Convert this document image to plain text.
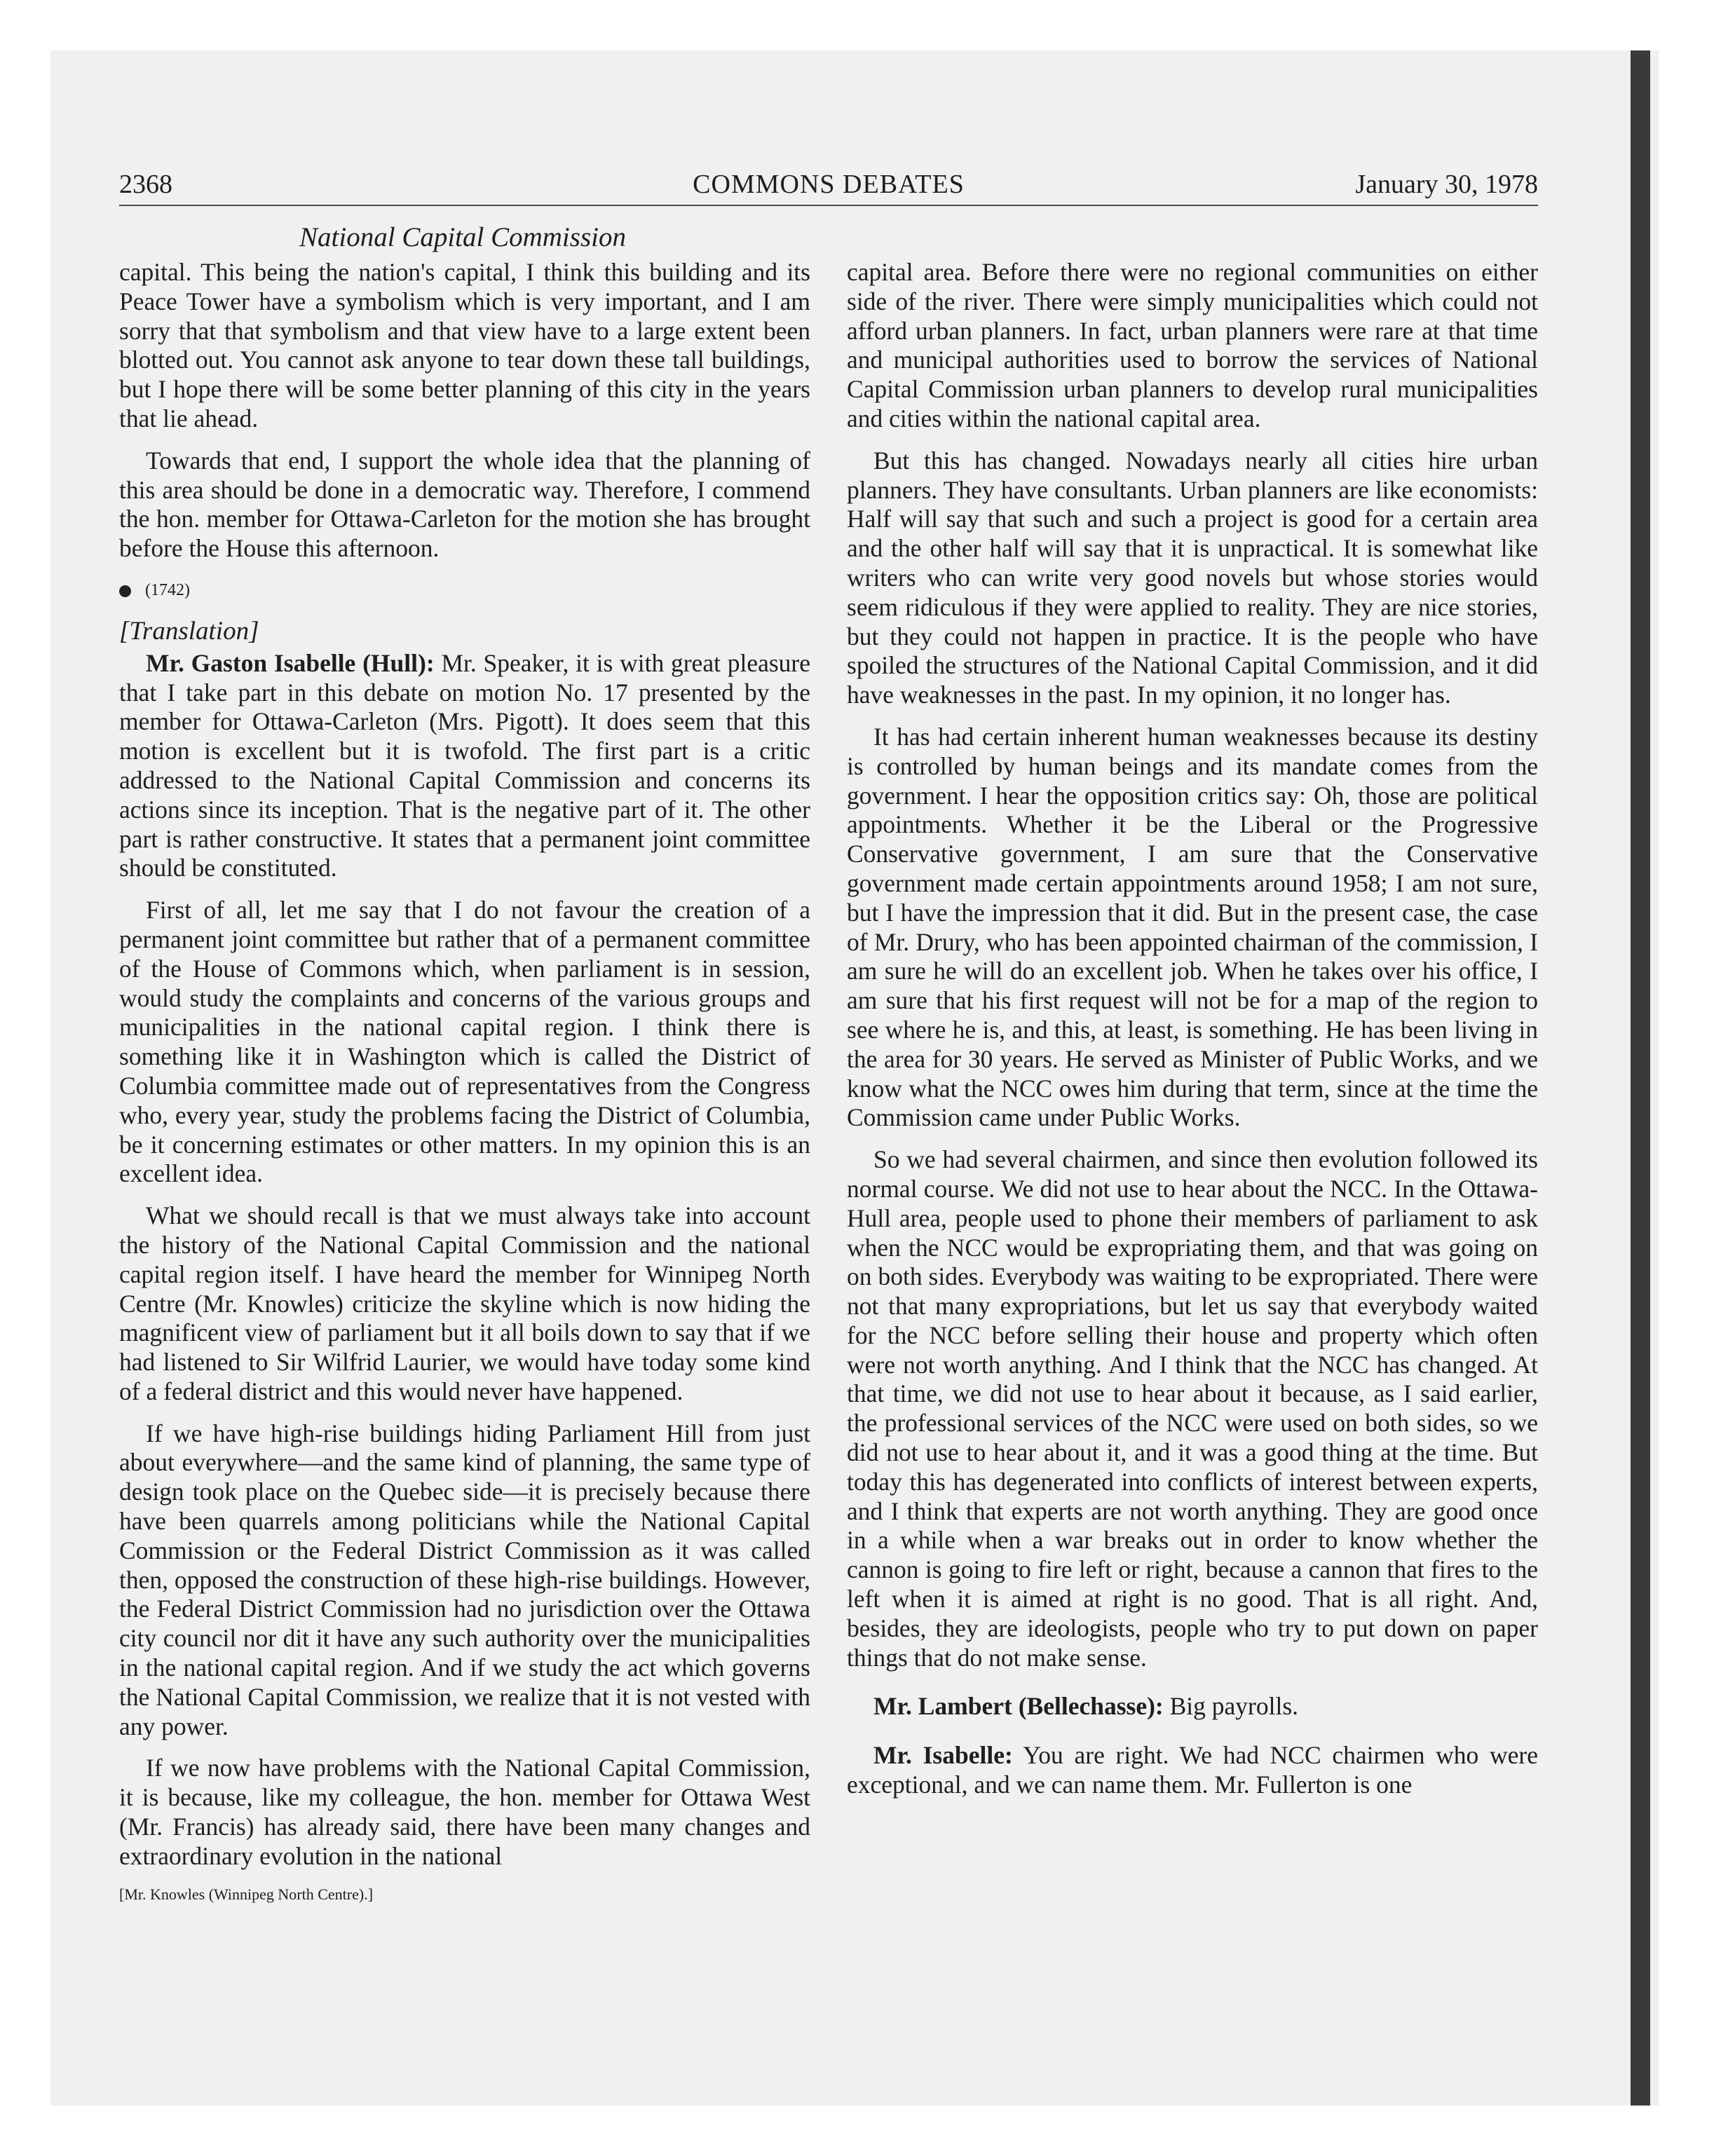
2368	COMMONS DEBATES	January 30, 1978
National Capital Commission

capital. This being the nation's capital, I think this building and its Peace Tower have a symbolism which is very important, and I am sorry that that symbolism and that view have to a large extent been blotted out. You cannot ask anyone to tear down these tall buildings, but I hope there will be some better planning of this city in the years that lie ahead.

Towards that end, I support the whole idea that the planning of this area should be done in a democratic way. Therefore, I commend the hon. member for Ottawa-Carleton for the motion she has brought before the House this afternoon.

(1742)
[Translation]

Mr. Gaston Isabelle (Hull): Mr. Speaker, it is with great pleasure that I take part in this debate on motion No. 17 presented by the member for Ottawa-Carleton (Mrs. Pigott). It does seem that this motion is excellent but it is twofold. The first part is a critic addressed to the National Capital Commission and concerns its actions since its inception. That is the negative part of it. The other part is rather constructive. It states that a permanent joint committee should be constituted.

First of all, let me say that I do not favour the creation of a permanent joint committee but rather that of a permanent committee of the House of Commons which, when parliament is in session, would study the complaints and concerns of the various groups and municipalities in the national capital region. I think there is something like it in Washington which is called the District of Columbia committee made out of representatives from the Congress who, every year, study the problems facing the District of Columbia, be it concerning estimates or other matters. In my opinion this is an excellent idea.

What we should recall is that we must always take into account the history of the National Capital Commission and the national capital region itself. I have heard the member for Winnipeg North Centre (Mr. Knowles) criticize the skyline which is now hiding the magnificent view of parliament but it all boils down to say that if we had listened to Sir Wilfrid Laurier, we would have today some kind of a federal district and this would never have happened.

If we have high-rise buildings hiding Parliament Hill from just about everywhere—and the same kind of planning, the same type of design took place on the Quebec side—it is precisely because there have been quarrels among politicians while the National Capital Commission or the Federal District Commission as it was called then, opposed the construction of these high-rise buildings. However, the Federal District Commission had no jurisdiction over the Ottawa city council nor dit it have any such authority over the municipalities in the national capital region. And if we study the act which governs the National Capital Commission, we realize that it is not vested with any power.

If we now have problems with the National Capital Commission, it is because, like my colleague, the hon. member for Ottawa West (Mr. Francis) has already said, there have been many changes and extraordinary evolution in the national

[Mr. Knowles (Winnipeg North Centre).]

capital area. Before there were no regional communities on either side of the river. There were simply municipalities which could not afford urban planners. In fact, urban planners were rare at that time and municipal authorities used to borrow the services of National Capital Commission urban planners to develop rural municipalities and cities within the national capital area.

But this has changed. Nowadays nearly all cities hire urban planners. They have consultants. Urban planners are like economists: Half will say that such and such a project is good for a certain area and the other half will say that it is unpractical. It is somewhat like writers who can write very good novels but whose stories would seem ridiculous if they were applied to reality. They are nice stories, but they could not happen in practice. It is the people who have spoiled the structures of the National Capital Commission, and it did have weaknesses in the past. In my opinion, it no longer has.

It has had certain inherent human weaknesses because its destiny is controlled by human beings and its mandate comes from the government. I hear the opposition critics say: Oh, those are political appointments. Whether it be the Liberal or the Progressive Conservative government, I am sure that the Conservative government made certain appointments around 1958; I am not sure, but I have the impression that it did. But in the present case, the case of Mr. Drury, who has been appointed chairman of the commission, I am sure he will do an excellent job. When he takes over his office, I am sure that his first request will not be for a map of the region to see where he is, and this, at least, is something. He has been living in the area for 30 years. He served as Minister of Public Works, and we know what the NCC owes him during that term, since at the time the Commission came under Public Works.

So we had several chairmen, and since then evolution followed its normal course. We did not use to hear about the NCC. In the Ottawa-Hull area, people used to phone their members of parliament to ask when the NCC would be expropriating them, and that was going on on both sides. Everybody was waiting to be expropriated. There were not that many expropriations, but let us say that everybody waited for the NCC before selling their house and property which often were not worth anything. And I think that the NCC has changed. At that time, we did not use to hear about it because, as I said earlier, the professional services of the NCC were used on both sides, so we did not use to hear about it, and it was a good thing at the time. But today this has degenerated into conflicts of interest between experts, and I think that experts are not worth anything. They are good once in a while when a war breaks out in order to know whether the cannon is going to fire left or right, because a cannon that fires to the left when it is aimed at right is no good. That is all right. And, besides, they are ideologists, people who try to put down on paper things that do not make sense.

Mr. Lambert (Bellechasse): Big payrolls.

Mr. Isabelle: You are right. We had NCC chairmen who were exceptional, and we can name them. Mr. Fullerton is one
